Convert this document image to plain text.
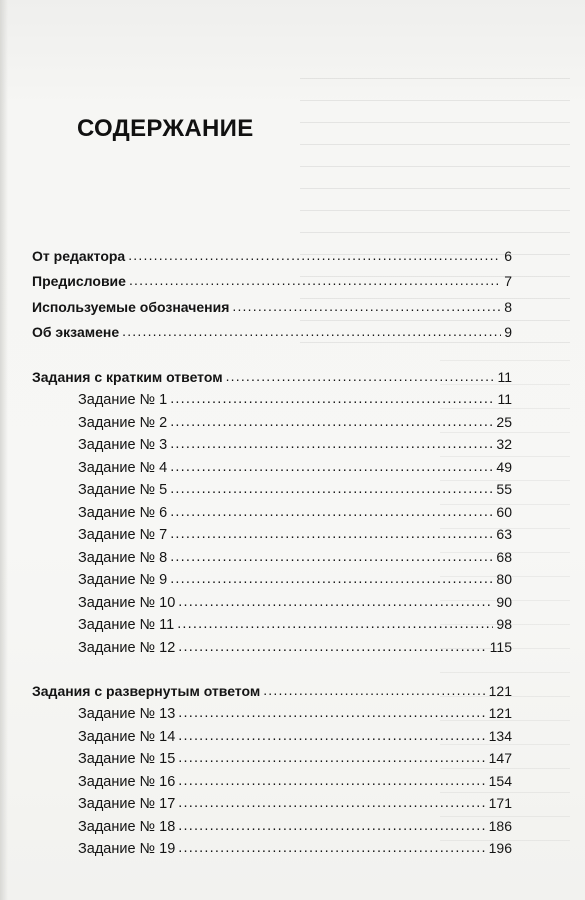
СОДЕРЖАНИЕ
От редактора .....	6
Предисловие .....	7
Используемые обозначения .....	8
Об экзамене .....	9
Задания с кратким ответом .....	11
Задание № 1 .....	11
Задание № 2 .....	25
Задание № 3 .....	32
Задание № 4 .....	49
Задание № 5 .....	55
Задание № 6 .....	60
Задание № 7 .....	63
Задание № 8 .....	68
Задание № 9 .....	80
Задание № 10 .....	90
Задание № 11 .....	98
Задание № 12 .....	115
Задания с развернутым ответом .....	121
Задание № 13 .....	121
Задание № 14 .....	134
Задание № 15 .....	147
Задание № 16 .....	154
Задание № 17 .....	171
Задание № 18 .....	186
Задание № 19 .....	196
